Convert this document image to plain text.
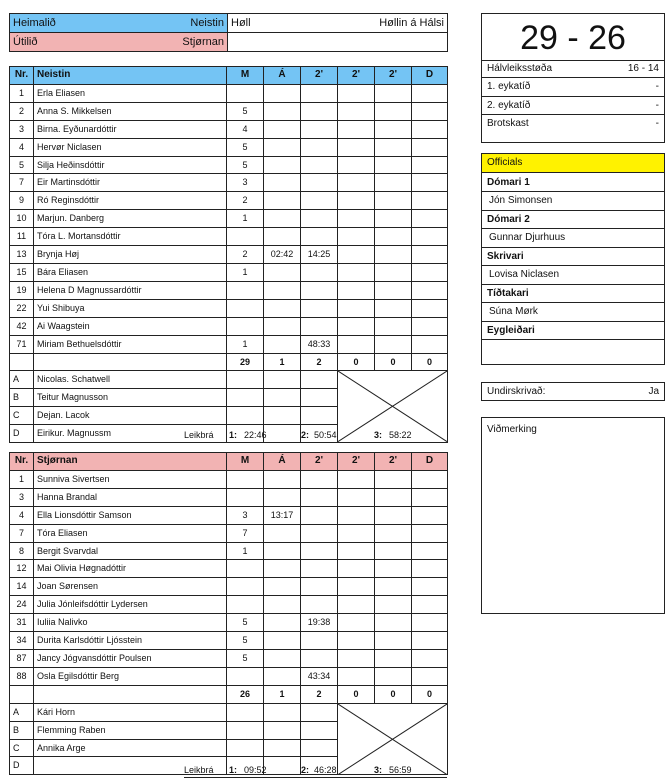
Heimalið Neistin	Høll Høllin á Hálsi

Útilið Stjørnan	

Nr.	Neistin	M	Á	2'	2'	2'	D
1	Erla Eliasen						
2	Anna S. Mikkelsen	5					
3	Birna. Eyðunardóttir	4					
4	Hervør Niclasen	5					
5	Silja Heðinsdóttir	5					
7	Eir Martinsdóttir	3					
9	Ró Reginsdóttir	2					
10	Marjun. Danberg	1					
11	Tóra L. Mortansdóttir						
13	Brynja Høj	2	02:42	14:25			
15	Bára Eliasen	1					
19	Helena D Magnussardóttir						
22	Yui Shibuya						
42	Ai Waagstein						
71	Miriam Bethuelsdóttir	1		48:33			
		29	1	2	0	0	0
A	Nicolas. Schatwell				

B	Teitur Magnusson						
C	Dejan. Lacok						
D	Eirikur. Magnussm							Leikbrá 1: 22:46	2: 50:54	3: 58:22
Nr.	Stjørnan	M	Á	2'	2'	2'	D
1	Sunniva Sivertsen						
3	Hanna Brandal						
4	Ella Lionsdóttir Samson	3	13:17				
7	Tóra Eliasen	7					
8	Bergit Svarvdal	1					
12	Mai Olivia Høgnadóttir						
14	Joan Sørensen						
24	Julia Jónleifsdóttir Lydersen						
31	Iuliia Nalivko	5		19:38			
34	Durita Karlsdóttir Ljósstein	5					
87	Jancy Jógvansdóttir Poulsen	5					
88	Osla Egilsdóttir Berg			43:34			
		26	1	2	0	0	0
A	Kári Horn				

B	Flemming Raben						
C	Annika Arge						
D								Leikbrá 1: 09:52	2: 46:28	3: 56:59
29 - 26
Hálvleiksstøða	16 - 14
1. eykatíð	-
2. eykatíð	-
Brotskast	-
Officials
Dómari 1
Jón Simonsen
Dómari 2
Gunnar Djurhuus
Skrivari
Lovisa Niclasen
Tíðtakari
Súna Mørk
Eygleiðari
Undirskrivað:	Ja
Viðmerking
